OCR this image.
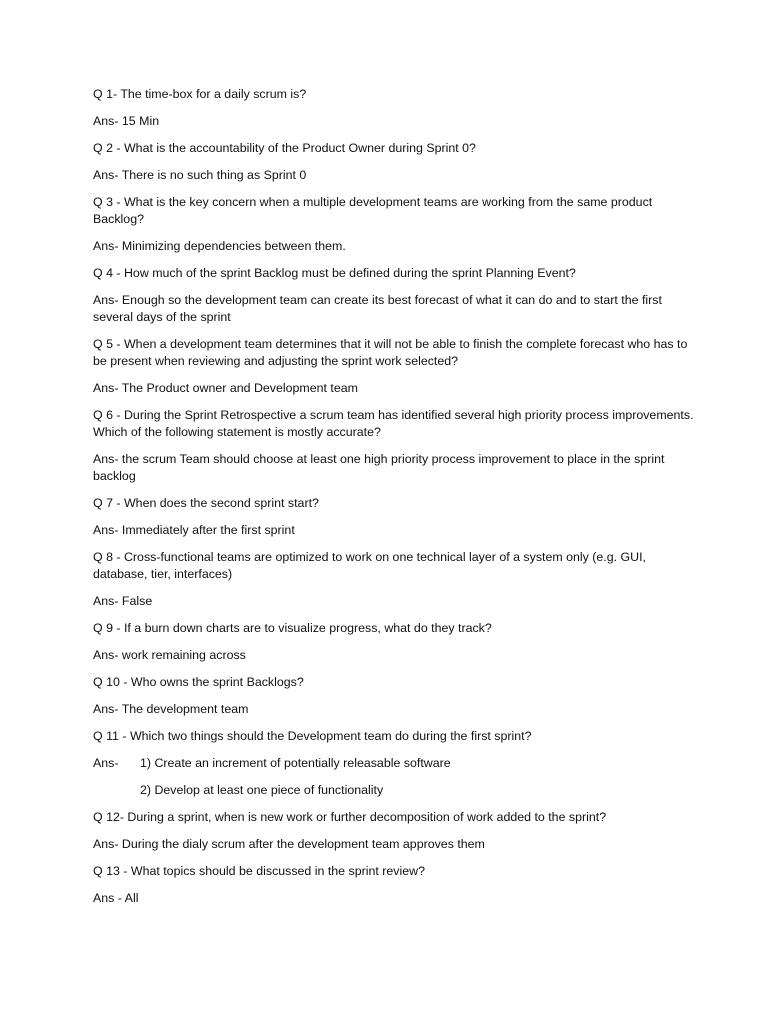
Q 1- The time-box for a daily scrum is?

Ans- 15 Min

Q 2 - What is the accountability of the Product Owner during Sprint 0?

Ans- There is no such thing as Sprint 0

Q 3 - What is the key concern when a multiple development teams are working from the same product Backlog?

Ans- Minimizing dependencies between them.

Q 4 - How much of the sprint Backlog must be defined during the sprint Planning Event?

Ans- Enough so the development team can create its best forecast of what it can do and to start the first several days of the sprint

Q 5 - When a development team determines that it will not be able to finish the complete forecast who has to be present when reviewing and adjusting the sprint work selected?

Ans- The Product owner and Development team

Q 6 - During the Sprint Retrospective a scrum team has identified several high priority process improvements. Which of the following statement is mostly accurate?

Ans- the scrum Team should choose at least one high priority process improvement to place in the sprint backlog

Q 7 - When does the second sprint start?

Ans- Immediately after the first sprint

Q 8 - Cross-functional teams are optimized to work on one technical layer of a system only (e.g. GUI, database, tier, interfaces)

Ans- False

Q 9 - If a burn down charts are to visualize progress, what do they track?

Ans- work remaining across

Q 10 - Who owns the sprint Backlogs?

Ans- The development team

Q 11 - Which two things should the Development team do during the first sprint?

Ans-	1) Create an increment of potentially releasable software
2) Develop at least one piece of functionality

Q 12- During a sprint, when is new work or further decomposition of work added to the sprint?

Ans- During the dialy scrum after the development team approves them

Q 13 - What topics should be discussed in the sprint review?

Ans - All
